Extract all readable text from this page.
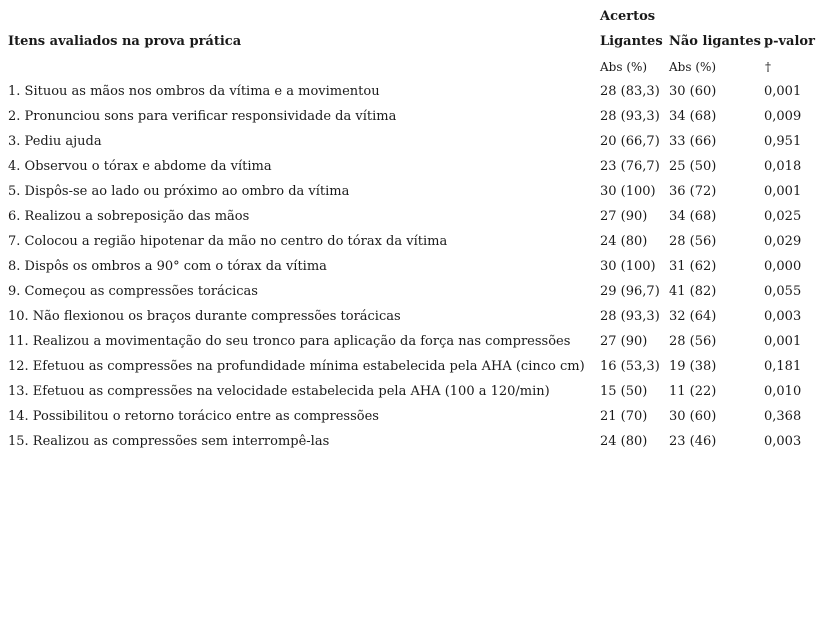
Acertos
Itens avaliados na prova prática	Ligantes Não ligantes p-valor
Abs (%) Abs (%)	†
1. Situou as mãos nos ombros da vítima e a movimentou	28 (83,3) 30 (60)	0,001
2. Pronunciou sons para verificar responsividade da vítima	28 (93,3) 34 (68)	0,009
3. Pediu ajuda	20 (66,7) 33 (66)	0,951
4. Observou o tórax e abdome da vítima	23 (76,7) 25 (50)	0,018
5. Dispôs-se ao lado ou próximo ao ombro da vítima	30 (100) 36 (72)	0,001
6. Realizou a sobreposição das mãos	27 (90) 34 (68)	0,025
7. Colocou a região hipotenar da mão no centro do tórax da vítima	24 (80) 28 (56)	0,029
8. Dispôs os ombros a 90° com o tórax da vítima	30 (100) 31 (62)	0,000
9. Começou as compressões torácicas	29 (96,7) 41 (82)	0,055
10. Não flexionou os braços durante compressões torácicas	28 (93,3) 32 (64)	0,003
11. Realizou a movimentação do seu tronco para aplicação da força nas compressões 27 (90) 28 (56)	0,001
12. Efetuou as compressões na profundidade mínima estabelecida pela AHA (cinco cm) 16 (53,3) 19 (38)	0,181
13. Efetuou as compressões na velocidade estabelecida pela AHA (100 a 120/min)	15 (50) 11 (22)	0,010
14. Possibilitou o retorno torácico entre as compressões	21 (70) 30 (60)	0,368
15. Realizou as compressões sem interrompê-las	24 (80) 23 (46)	0,003
